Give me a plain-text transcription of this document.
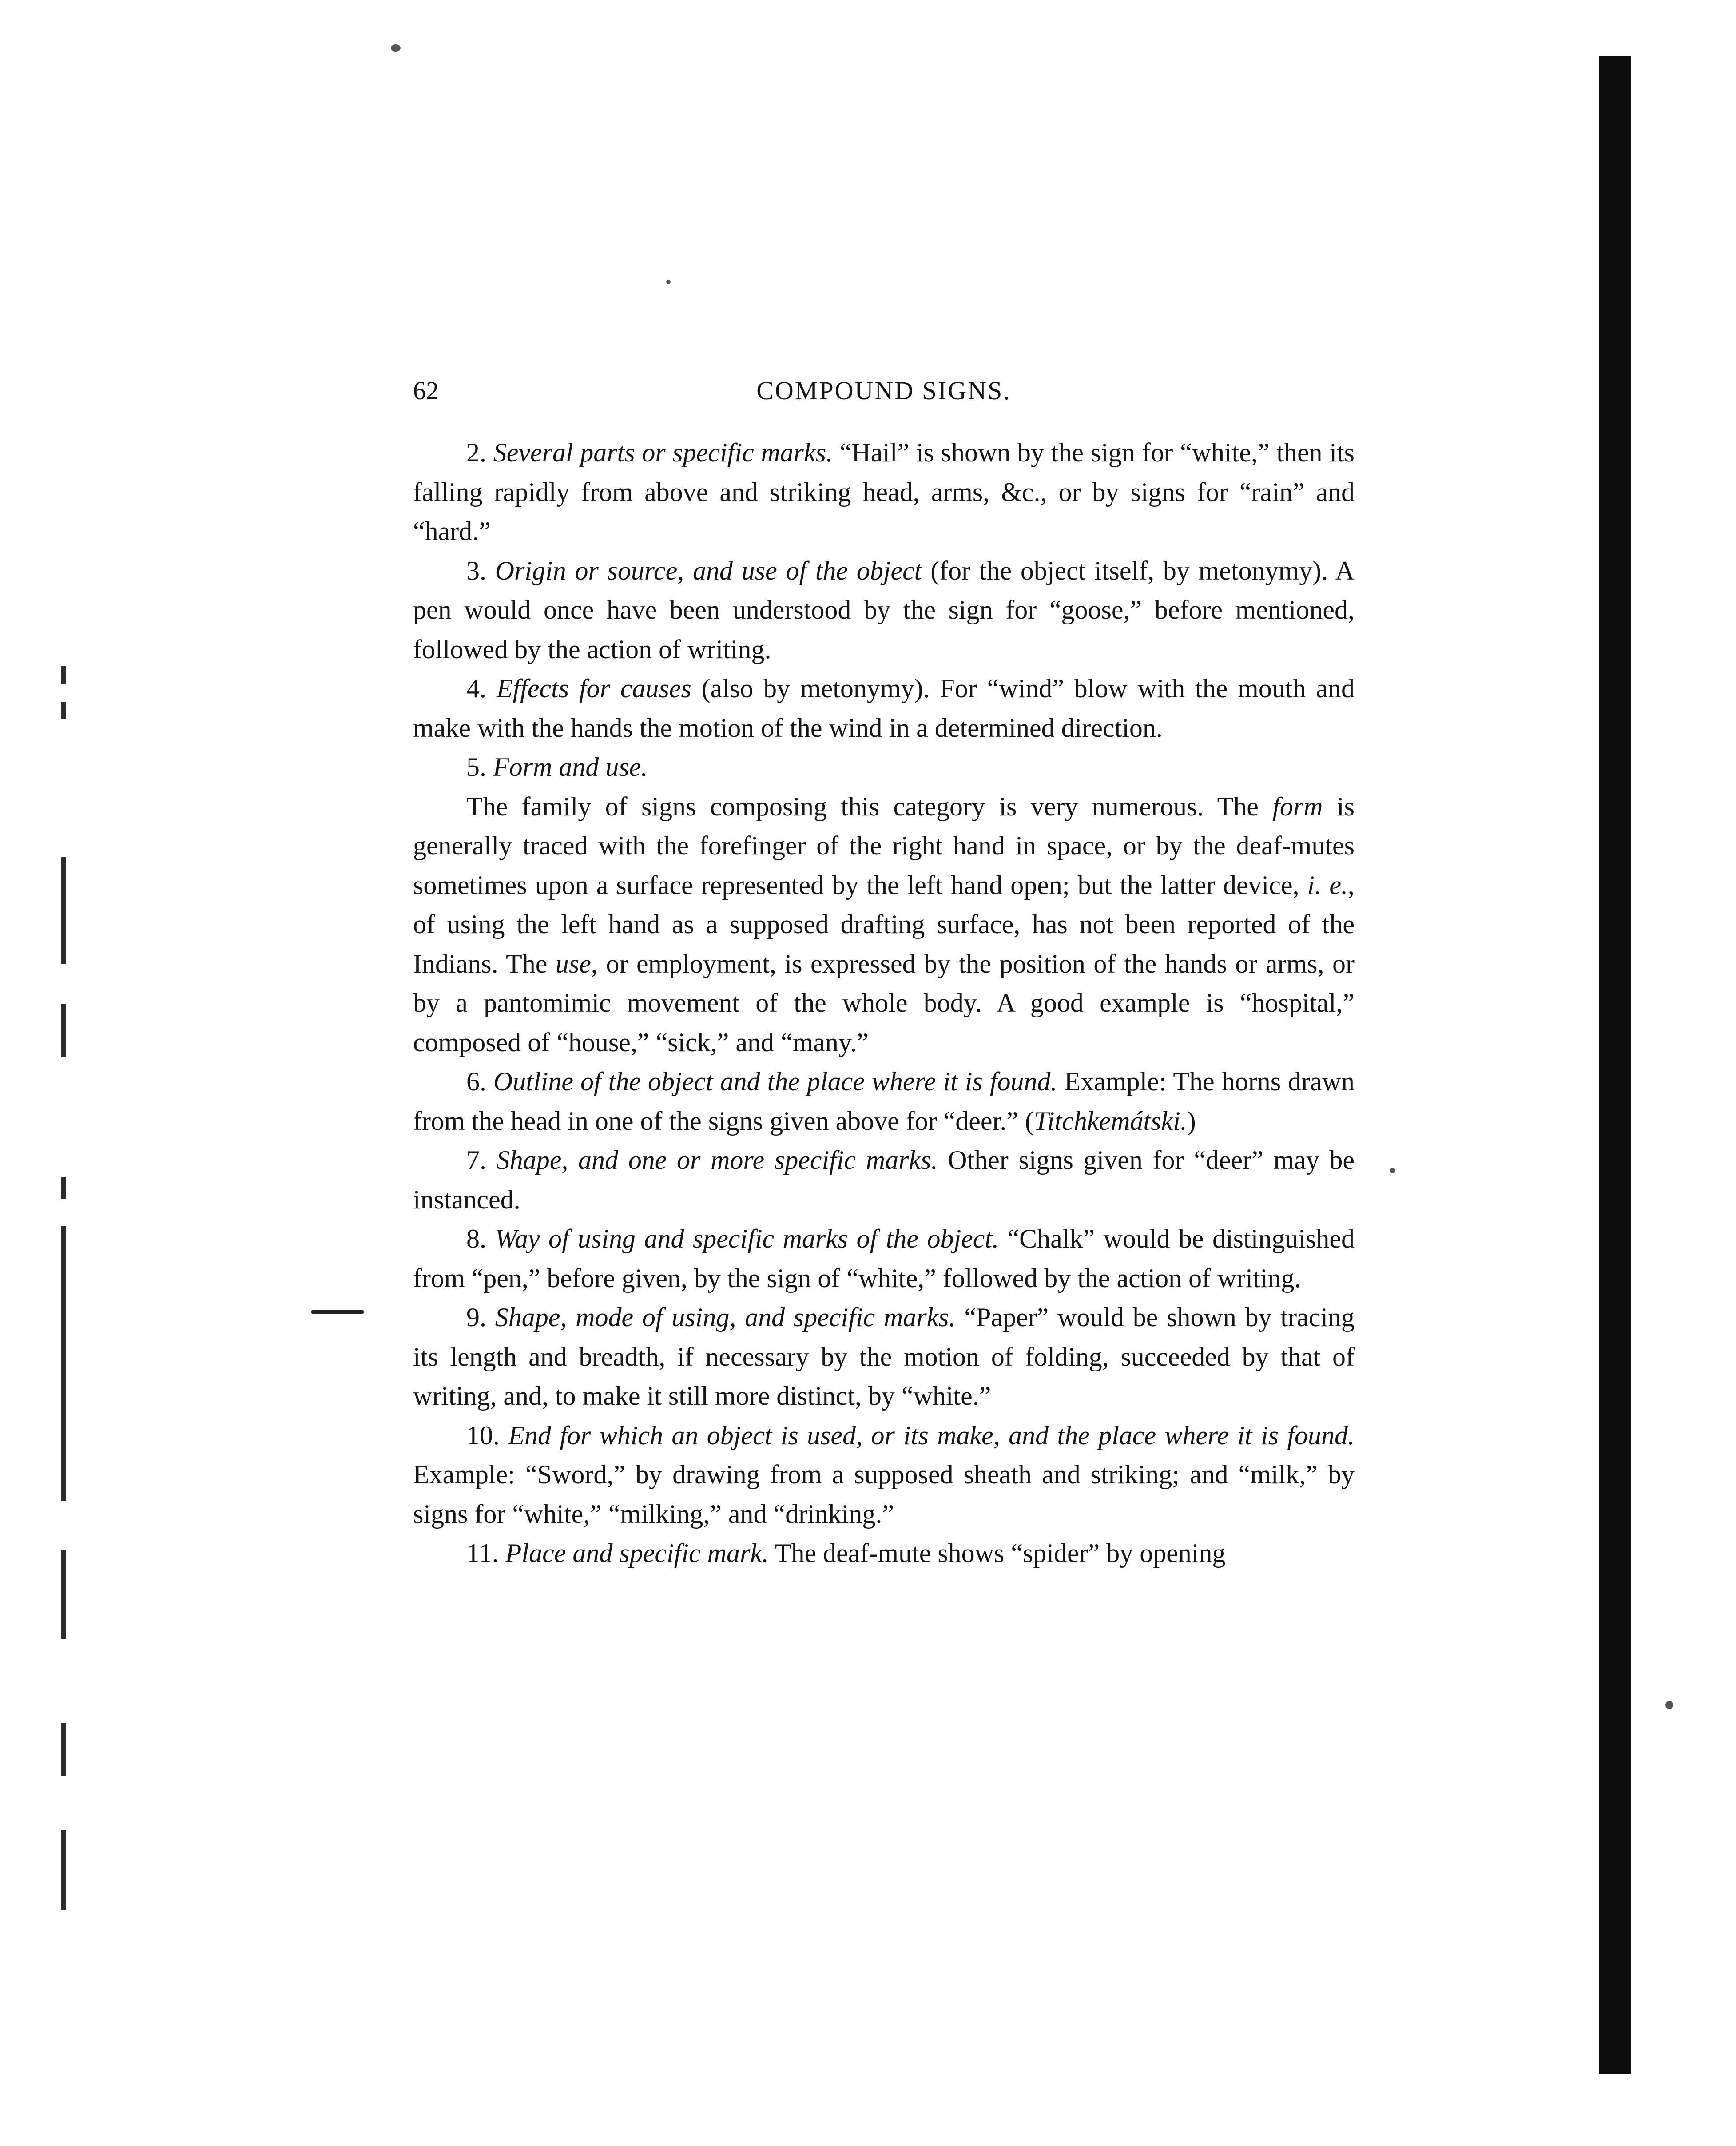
62	COMPOUND SIGNS.

2. Several parts or specific marks. “Hail” is shown by the sign for “white,” then its falling rapidly from above and striking head, arms, &c., or by signs for “rain” and “hard.”

3. Origin or source, and use of the object (for the object itself, by metonymy). A pen would once have been understood by the sign for “goose,” before mentioned, followed by the action of writing.

4. Effects for causes (also by metonymy). For “wind” blow with the mouth and make with the hands the motion of the wind in a determined direction.

5. Form and use.

The family of signs composing this category is very numerous. The form is generally traced with the forefinger of the right hand in space, or by the deaf-mutes sometimes upon a surface represented by the left hand open; but the latter device, i. e., of using the left hand as a supposed drafting surface, has not been reported of the Indians. The use, or employment, is expressed by the position of the hands or arms, or by a pantomimic movement of the whole body. A good example is “hospital,” composed of “house,” “sick,” and “many.”

6. Outline of the object and the place where it is found. Example: The horns drawn from the head in one of the signs given above for “deer.” (Titchkemátski.)

7. Shape, and one or more specific marks. Other signs given for “deer” may be instanced.

8. Way of using and specific marks of the object. “Chalk” would be distinguished from “pen,” before given, by the sign of “white,” followed by the action of writing.

9. Shape, mode of using, and specific marks. “Paper” would be shown by tracing its length and breadth, if necessary by the motion of folding, succeeded by that of writing, and, to make it still more distinct, by “white.”

10. End for which an object is used, or its make, and the place where it is found. Example: “Sword,” by drawing from a supposed sheath and striking; and “milk,” by signs for “white,” “milking,” and “drinking.”

11. Place and specific mark. The deaf-mute shows “spider” by opening
